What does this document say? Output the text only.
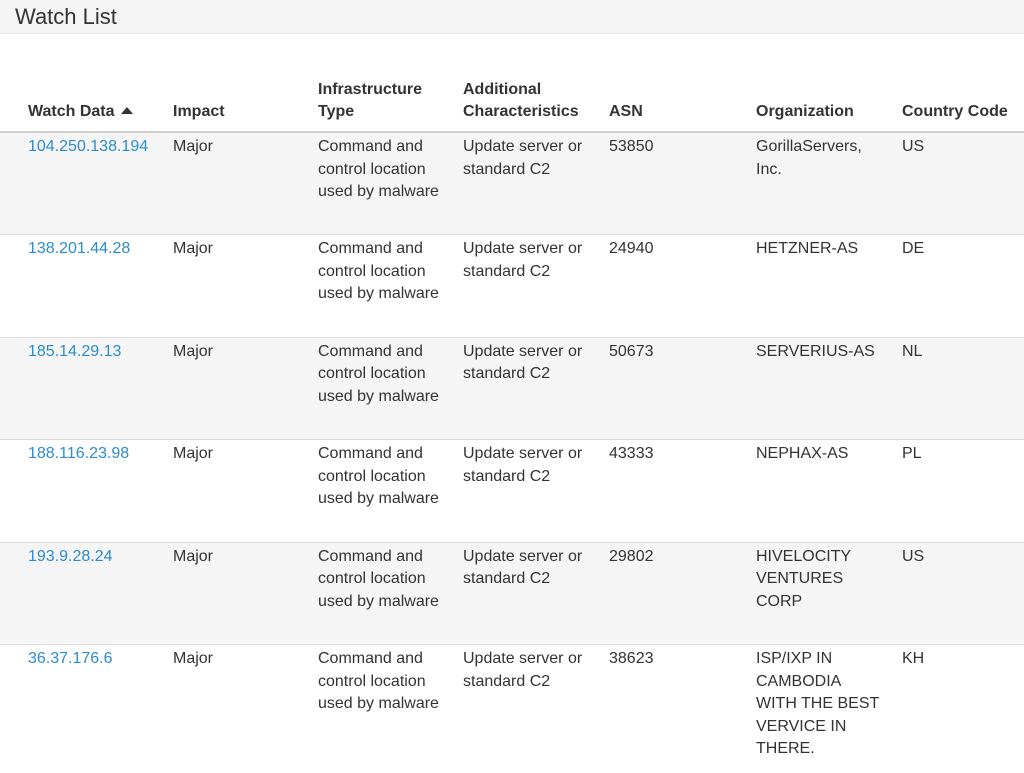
Watch List
Watch Data	Impact	Infrastructure Type	Additional Characteristics	ASN	Organization	Country Code
104.250.138.194	Major	Command and control location used by malware	Update server or standard C2	53850	GorillaServers, Inc.	US
138.201.44.28	Major	Command and control location used by malware	Update server or standard C2	24940	HETZNER-AS	DE
185.14.29.13	Major	Command and control location used by malware	Update server or standard C2	50673	SERVERIUS-AS	NL
188.116.23.98	Major	Command and control location used by malware	Update server or standard C2	43333	NEPHAX-AS	PL
193.9.28.24	Major	Command and control location used by malware	Update server or standard C2	29802	HIVELOCITY VENTURES CORP	US
36.37.176.6	Major	Command and control location used by malware	Update server or standard C2	38623	ISP/IXP IN CAMBODIA WITH THE BEST VERVICE IN THERE.	KH
